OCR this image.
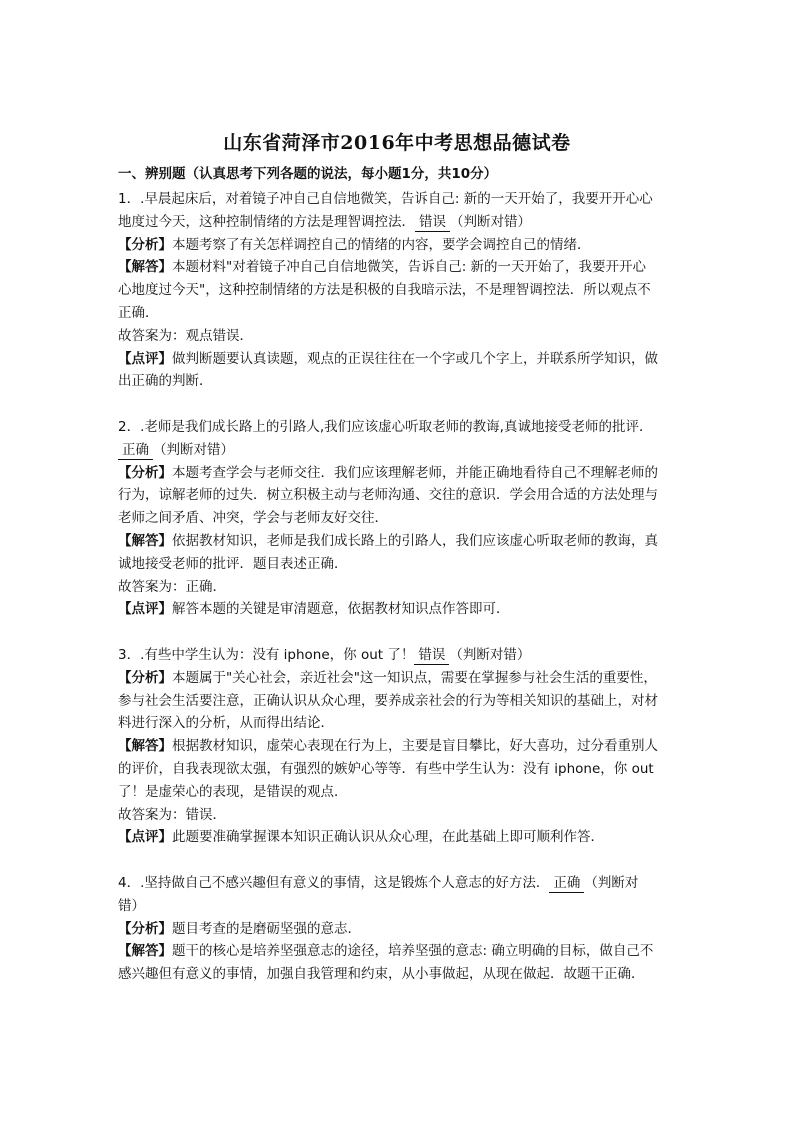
山东省菏泽市2016年中考思想品德试卷
一、辨别题（认真思考下列各题的说法，每小题1分，共10分）

1．.早晨起床后，对着镜子冲自己自信地微笑，告诉自己: 新的一天开始了，我要开开心心

地度过今天，这种控制情绪的方法是理智调控法． 错误 （判断对错）

【分析】本题考察了有关怎样调控自己的情绪的内容，要学会调控自己的情绪．

【解答】本题材料"对着镜子冲自己自信地微笑，告诉自己: 新的一天开始了，我要开开心

心地度过今天"，这种控制情绪的方法是积极的自我暗示法，不是理智调控法．所以观点不

正确．

故答案为：观点错误．

【点评】做判断题要认真读题，观点的正误往往在一个字或几个字上，并联系所学知识，做

出正确的判断．

2．.老师是我们成长路上的引路人,我们应该虚心听取老师的教诲,真诚地接受老师的批评．

正确 （判断对错）

【分析】本题考查学会与老师交往．我们应该理解老师，并能正确地看待自己不理解老师的

行为，谅解老师的过失．树立积极主动与老师沟通、交往的意识．学会用合适的方法处理与

老师之间矛盾、冲突，学会与老师友好交往．

【解答】依据教材知识，老师是我们成长路上的引路人，我们应该虚心听取老师的教诲，真

诚地接受老师的批评．题目表述正确．

故答案为：正确．

【点评】解答本题的关键是审清题意，依据教材知识点作答即可．

3．.有些中学生认为：没有 iphone，你 out 了！ 错误 （判断对错）

【分析】本题属于"关心社会，亲近社会"这一知识点，需要在掌握参与社会生活的重要性，

参与社会生活要注意，正确认识从众心理，要养成亲社会的行为等相关知识的基础上，对材

料进行深入的分析，从而得出结论．

【解答】根据教材知识，虚荣心表现在行为上，主要是盲目攀比，好大喜功，过分看重别人

的评价，自我表现欲太强，有强烈的嫉妒心等等．有些中学生认为：没有 iphone，你 out

了！是虚荣心的表现，是错误的观点．

故答案为：错误．

【点评】此题要准确掌握课本知识正确认识从众心理，在此基础上即可顺利作答．

4．.坚持做自己不感兴趣但有意义的事情，这是锻炼个人意志的好方法． 正确 （判断对

错）

【分析】题目考查的是磨砺坚强的意志．

【解答】题干的核心是培养坚强意志的途径，培养坚强的意志: 确立明确的目标，做自己不

感兴趣但有意义的事情，加强自我管理和约束，从小事做起，从现在做起．故题干正确．
